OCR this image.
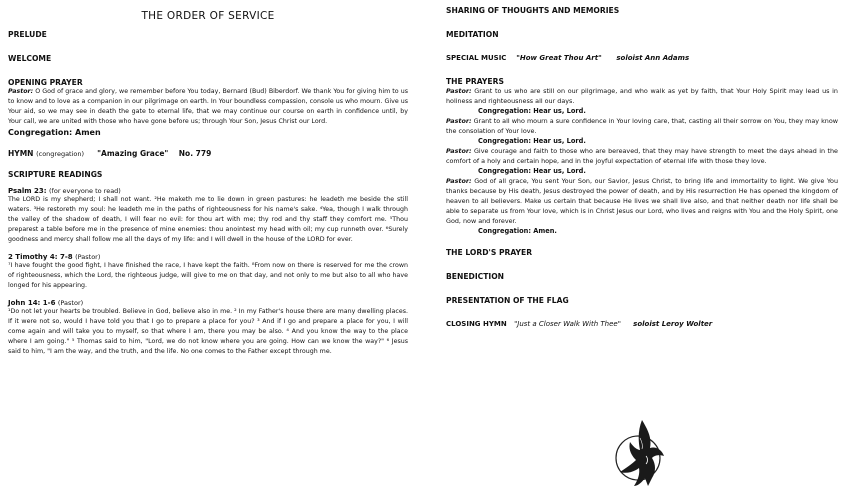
THE ORDER OF SERVICE
PRELUDE
WELCOME
OPENING PRAYER
Pastor: O God of grace and glory, we remember before You today, Bernard (Bud) Biberdorf. We thank You for giving him to us to know and to love as a companion in our pilgrimage on earth. In Your boundless compassion, console us who mourn. Give us Your aid, so we may see in death the gate to eternal life, that we may continue our course on earth in confidence until, by Your call, we are united with those who have gone before us; through Your Son, Jesus Christ our Lord.
Congregation: Amen
HYMN (congregation) "Amazing Grace" No. 779
SCRIPTURE READINGS
Psalm 23: (for everyone to read)
The LORD is my shepherd; I shall not want. ²He maketh me to lie down in green pastures: he leadeth me beside the still waters. ³He restoreth my soul: he leadeth me in the paths of righteousness for his name's sake. ⁴Yea, though I walk through the valley of the shadow of death, I will fear no evil: for thou art with me; thy rod and thy staff they comfort me. ⁵Thou preparest a table before me in the presence of mine enemies: thou anointest my head with oil; my cup runneth over. ⁶Surely goodness and mercy shall follow me all the days of my life: and I will dwell in the house of the LORD for ever.
2 Timothy 4: 7-8 (Pastor)
⁷I have fought the good fight, I have finished the race, I have kept the faith. ⁸From now on there is reserved for me the crown of righteousness, which the Lord, the righteous judge, will give to me on that day, and not only to me but also to all who have longed for his appearing.
John 14: 1-6 (Pastor)
¹Do not let your hearts be troubled. Believe in God, believe also in me. ² In my Father's house there are many dwelling places. If it were not so, would I have told you that I go to prepare a place for you? ³ And if I go and prepare a place for you, I will come again and will take you to myself, so that where I am, there you may be also. ⁴ And you know the way to the place where I am going." ⁵ Thomas said to him, "Lord, we do not know where you are going. How can we know the way?" ⁶ Jesus said to him, "I am the way, and the truth, and the life. No one comes to the Father except through me.
SHARING OF THOUGHTS AND MEMORIES
MEDITATION
SPECIAL MUSIC "How Great Thou Art" soloist Ann Adams
THE PRAYERS
Pastor: Grant to us who are still on our pilgrimage, and who walk as yet by faith, that Your Holy Spirit may lead us in holiness and righteousness all our days.
Congregation: Hear us, Lord.
Pastor: Grant to all who mourn a sure confidence in Your loving care, that, casting all their sorrow on You, they may know the consolation of Your love.
Congregation: Hear us, Lord.
Pastor: Give courage and faith to those who are bereaved, that they may have strength to meet the days ahead in the comfort of a holy and certain hope, and in the joyful expectation of eternal life with those they love.
Congregation: Hear us, Lord.
Pastor: God of all grace, You sent Your Son, our Savior, Jesus Christ, to bring life and immortality to light. We give You thanks because by His death, Jesus destroyed the power of death, and by His resurrection He has opened the kingdom of heaven to all believers. Make us certain that because He lives we shall live also, and that neither death nor life shall be able to separate us from Your love, which is in Christ Jesus our Lord, who lives and reigns with You and the Holy Spirit, one God, now and forever.
Congregation: Amen.
THE LORD'S PRAYER
BENEDICTION
PRESENTATION OF THE FLAG
CLOSING HYMN "Just a Closer Walk With Thee" soloist Leroy Wolter
